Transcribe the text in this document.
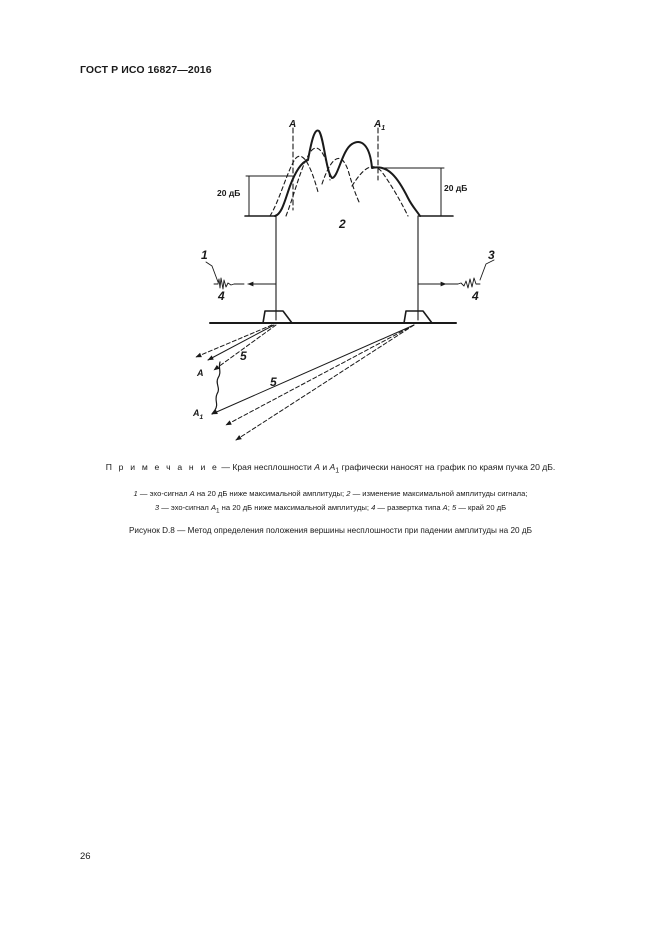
ГОСТ Р ИСО 16827—2016
A	$A_1$
20 дБ	20 дБ
2
1	3
4	4
5
5
A
$A_1$
П р и м е ч а н и е — Края несплошности A и $A_1$ графически наносят на график по краям пучка 20 дБ.
1 — эхо-сигнал A на 20 дБ ниже максимальной амплитуды; 2 — изменение максимальной амплитуды сигнала;
3 — эхо-сигнал $A_1$ на 20 дБ ниже максимальной амплитуды; 4 — развертка типа A; 5 — край 20 дБ
Рисунок D.8 — Метод определения положения вершины несплошности при падении амплитуды на 20 дБ
26
